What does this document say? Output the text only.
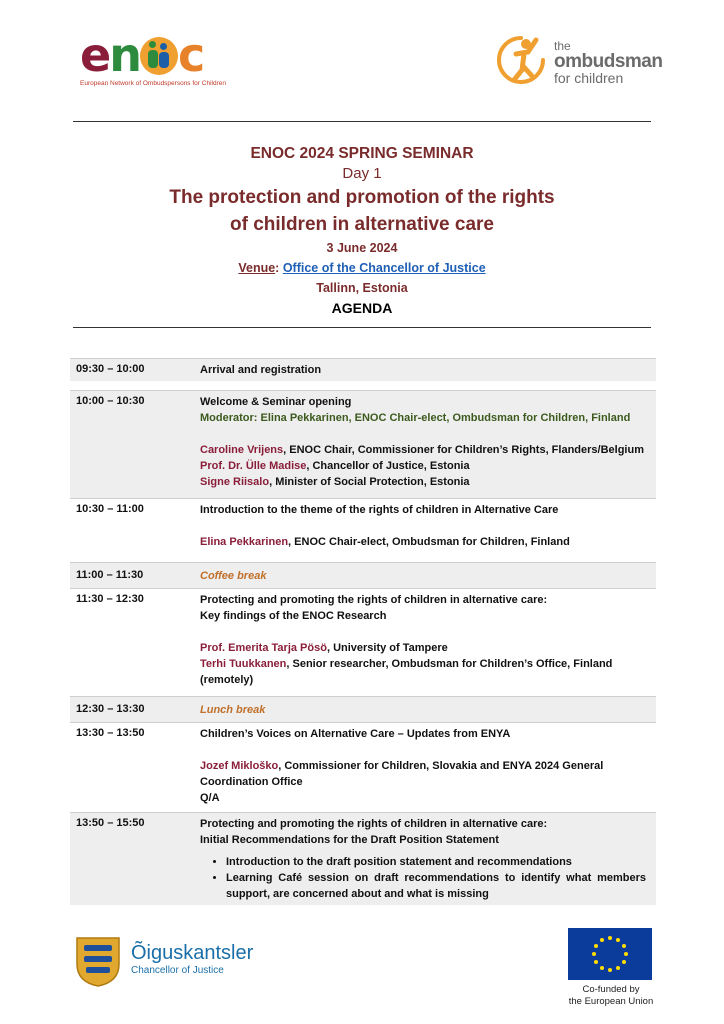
en c
European Network of Ombudspersons for Children
the
ombudsman
for children
ENOC 2024 SPRING SEMINAR
Day 1
The protection and promotion of the rights
of children in alternative care
3 June 2024
Venue: Office of the Chancellor of Justice
Tallinn, Estonia
AGENDA
09:30 – 10:00	Arrival and registration
10:00 – 10:30	Welcome & Seminar opening
Moderator: Elina Pekkarinen, ENOC Chair-elect, Ombudsman for Children, Finland
Caroline Vrijens, ENOC Chair, Commissioner for Children’s Rights, Flanders/Belgium
Prof. Dr. Ülle Madise, Chancellor of Justice, Estonia
Signe Riisalo, Minister of Social Protection, Estonia
10:30 – 11:00	Introduction to the theme of the rights of children in Alternative Care
Elina Pekkarinen, ENOC Chair-elect, Ombudsman for Children, Finland
11:00 – 11:30	Coffee break
11:30 – 12:30	Protecting and promoting the rights of children in alternative care:
Key findings of the ENOC Research
Prof. Emerita Tarja Pösö, University of Tampere
Terhi Tuukkanen, Senior researcher, Ombudsman for Children’s Office, Finland
(remotely)
12:30 – 13:30	Lunch break
13:30 – 13:50	Children’s Voices on Alternative Care – Updates from ENYA
Jozef Mikloško, Commissioner for Children, Slovakia and ENYA 2024 General Coordination Office
Q/A
13:50 – 15:50	Protecting and promoting the rights of children in alternative care:
Initial Recommendations for the Draft Position Statement
• Introduction to the draft position statement and recommendations
• Learning Café session on draft recommendations to identify what members support, are concerned about and what is missing
Õiguskantsler
Chancellor of Justice
Co-funded by
the European Union
